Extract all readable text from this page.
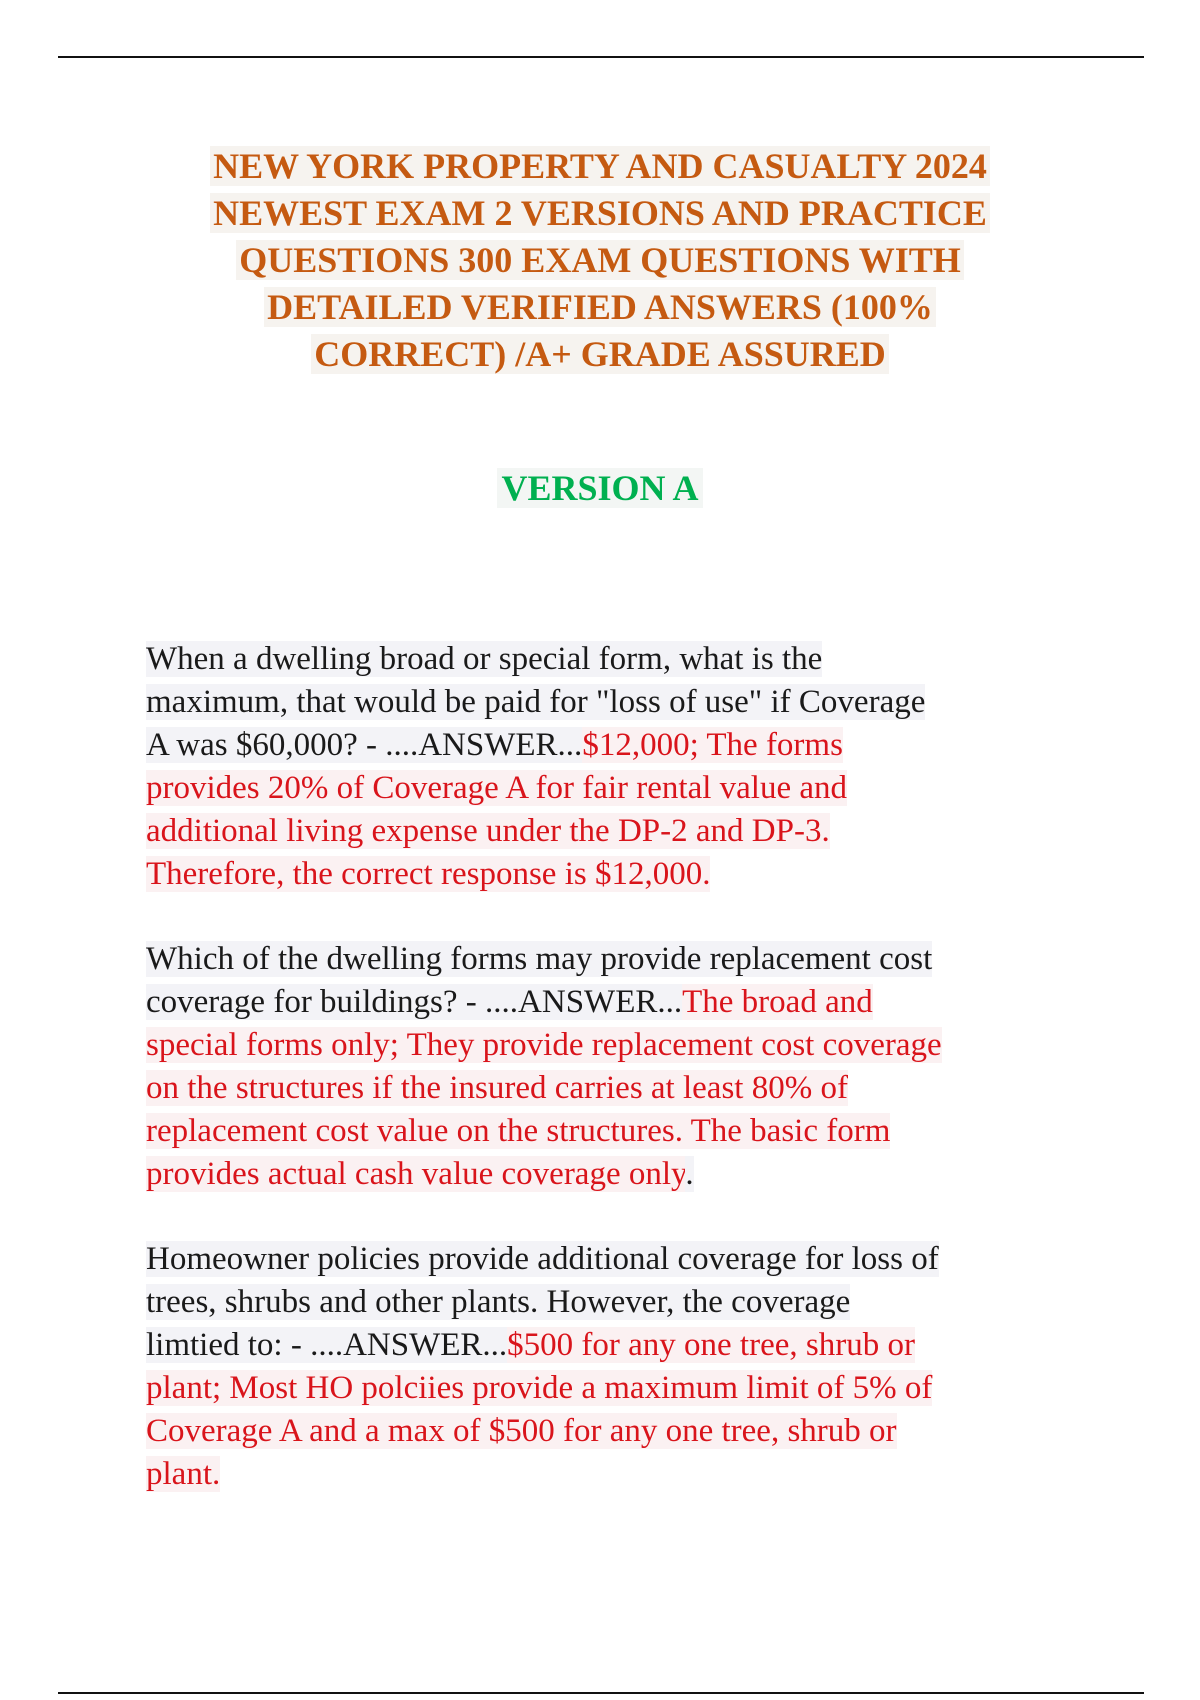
NEW YORK PROPERTY AND CASUALTY 2024
NEWEST EXAM 2 VERSIONS AND PRACTICE
QUESTIONS 300 EXAM QUESTIONS WITH
DETAILED VERIFIED ANSWERS (100%
CORRECT) /A+ GRADE ASSURED
VERSION A

When a dwelling broad or special form, what is the
maximum, that would be paid for "loss of use" if Coverage
A was $60,000? - ....ANSWER...$12,000; The forms
provides 20% of Coverage A for fair rental value and
additional living expense under the DP-2 and DP-3.
Therefore, the correct response is $12,000.

Which of the dwelling forms may provide replacement cost
coverage for buildings? - ....ANSWER...The broad and
special forms only; They provide replacement cost coverage
on the structures if the insured carries at least 80% of
replacement cost value on the structures. The basic form
provides actual cash value coverage only.

Homeowner policies provide additional coverage for loss of
trees, shrubs and other plants. However, the coverage
limtied to: - ....ANSWER...$500 for any one tree, shrub or
plant; Most HO polciies provide a maximum limit of 5% of
Coverage A and a max of $500 for any one tree, shrub or
plant.
